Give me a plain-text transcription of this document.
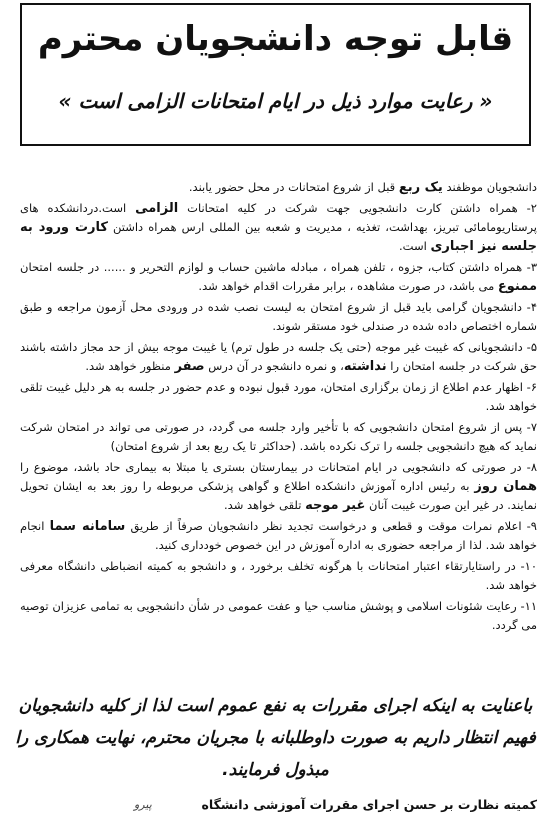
قابل توجه دانشجویان محترم
« رعایت موارد ذیل در ایام امتحانات الزامی است »
دانشجویان موظفند یک ربع قبل از شروع امتحانات در محل حضور یابند.
۲- همراه داشتن کارت دانشجویی جهت شرکت در کلیه امتحانات الزامی است.دردانشکده های پرستاریومامائی تبریز، بهداشت، تغذیه ، مدیریت و شعبه بین المللی ارس همراه داشتن کارت ورود به جلسه نیز اجباری است.
۳- همراه داشتن کتاب، جزوه ، تلفن همراه ، مبادله ماشین حساب و لوازم التحریر و ...... در جلسه امتحان ممنوع می باشد، در صورت مشاهده ، برابر مقررات اقدام خواهد شد.
۴- دانشجویان گرامی باید قبل از شروع امتحان به لیست نصب شده در ورودی محل آزمون مراجعه و طبق شماره اختصاص داده شده در صندلی خود مستقر شوند.
۵- دانشجویانی که غیبت غیر موجه (حتی یک جلسه در طول ترم) یا غیبت موجه بیش از حد مجاز داشته باشند حق شرکت در جلسه امتحان را نداشته، و نمره دانشجو در آن درس صفر منظور خواهد شد.
۶- اظهار عدم اطلاع از زمان برگزاری امتحان، مورد قبول نبوده و عدم حضور در جلسه به هر دلیل غیبت تلقی خواهد شد.
۷- پس از شروع امتحان دانشجویی که با تأخیر وارد جلسه می گردد، در صورتی می تواند در امتحان شرکت نماید که هیچ دانشجویی جلسه را ترک نکرده باشد. (حداکثر تا یک ربع بعد از شروع امتحان)
۸- در صورتی که دانشجویی در ایام امتحانات در بیمارستان بستری یا مبتلا به بیماری حاد باشد، موضوع را همان روز به رئیس اداره آموزش دانشکده اطلاع و گواهی پزشکی مربوطه را روز بعد به ایشان تحویل نمایند. در غیر این صورت غیبت آنان غیر موجه تلقی خواهد شد.
۹- اعلام نمرات موقت و قطعی و درخواست تجدید نظر دانشجویان صرفاً از طریق سامانه سما انجام خواهد شد. لذا از مراجعه حضوری به اداره آموزش در این خصوص خودداری کنید.
۱۰- در راستایارتقاء اعتبار امتحانات با هرگونه تخلف برخورد ، و دانشجو به کمیته انضباطی دانشگاه معرفی خواهد شد.
۱۱- رعایت شئونات اسلامی و پوشش مناسب حیا و عفت عمومی در شأن دانشجویی به تمامی عزیزان توصیه می گردد.
باعنایت به اینکه اجرای مقررات به نفع عموم است لذا از کلیه دانشجویان فهیم انتظار داریم به صورت داوطلبانه با مجریان محترم، نهایت همکاری را مبذول فرمایند.
کمیته نظارت بر حسن اجرای مقررات آموزشی دانشگاه
پیرو
